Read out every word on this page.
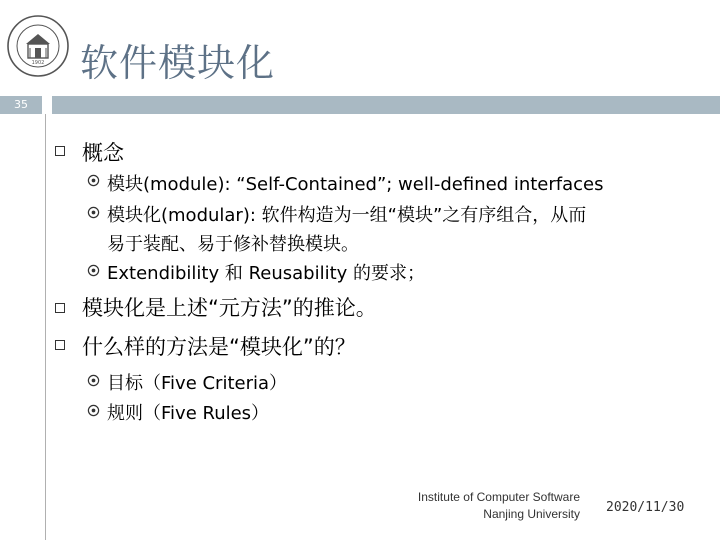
1902 软件模块化
35
概念
模块(module): “Self-Contained”; well-defined interfaces
模块化(modular): 软件构造为一组“模块”之有序组合，从而
易于装配、易于修补替换模块。
Extendibility 和 Reusability 的要求；
模块化是上述“元方法”的推论。
什么样的方法是“模块化”的？
目标（Five Criteria）
规则（Five Rules）
Institute of Computer Software
Nanjing University 2020/11/30
